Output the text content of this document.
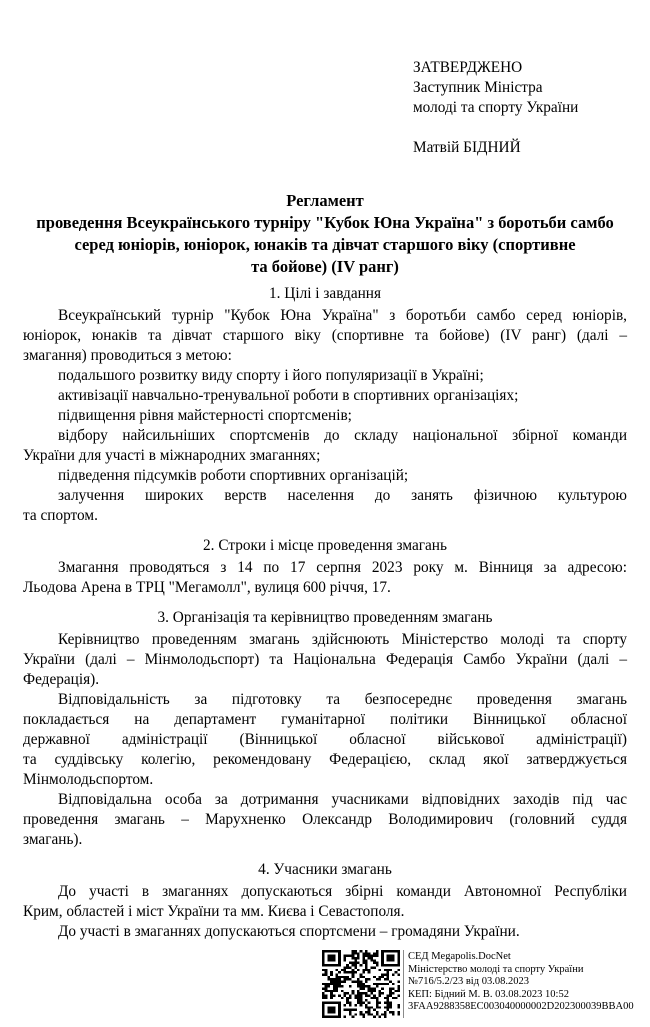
ЗАТВЕРДЖЕНО
Заступник Міністра
молоді та спорту України
Матвій БІДНИЙ
Регламент
проведення Всеукраїнського турніру "Кубок Юна Україна" з боротьби самбо
серед юніорів, юніорок, юнаків та дівчат старшого віку (спортивне
та бойове) (IV ранг)
1. Цілі і завдання
Всеукраїнський турнір "Кубок Юна Україна" з боротьби самбо серед юніорів,
юніорок, юнаків та дівчат старшого віку (спортивне та бойове) (IV ранг) (далі –
змагання) проводиться з метою:
подальшого розвитку виду спорту і його популяризації в Україні;
активізації навчально-тренувальної роботи в спортивних організаціях;
підвищення рівня майстерності спортсменів;
відбору найсильніших спортсменів до складу національної збірної команди
України для участі в міжнародних змаганнях;
підведення підсумків роботи спортивних організацій;
залучення широких верств населення до занять фізичною культурою
та спортом.
2. Строки і місце проведення змагань
Змагання проводяться з 14 по 17 серпня 2023 року м. Вінниця за адресою:
Льодова Арена в ТРЦ "Мегамолл", вулиця 600 річчя, 17.
3. Організація та керівництво проведенням змагань
Керівництво проведенням змагань здійснюють Міністерство молоді та спорту
України (далі – Мінмолодьспорт) та Національна Федерація Самбо України (далі –
Федерація).
Відповідальність за підготовку та безпосереднє проведення змагань
покладається на департамент гуманітарної політики Вінницької обласної
державної адміністрації (Вінницької обласної військової адміністрації)
та суддівську колегію, рекомендовану Федерацією, склад якої затверджується
Мінмолодьспортом.
Відповідальна особа за дотримання учасниками відповідних заходів під час
проведення змагань – Марухненко Олександр Володимирович (головний суддя
змагань).
4. Учасники змагань
До участі в змаганнях допускаються збірні команди Автономної Республіки
Крим, областей і міст України та мм. Києва і Севастополя.
До участі в змаганнях допускаються спортсмени – громадяни України.
СЕД Megapolis.DocNet
Міністерство молоді та спорту України
№716/5.2/23 від 03.08.2023
КЕП: Бідний М. В. 03.08.2023 10:52
3FAA9288358EC003040000002D202300039BBA00
